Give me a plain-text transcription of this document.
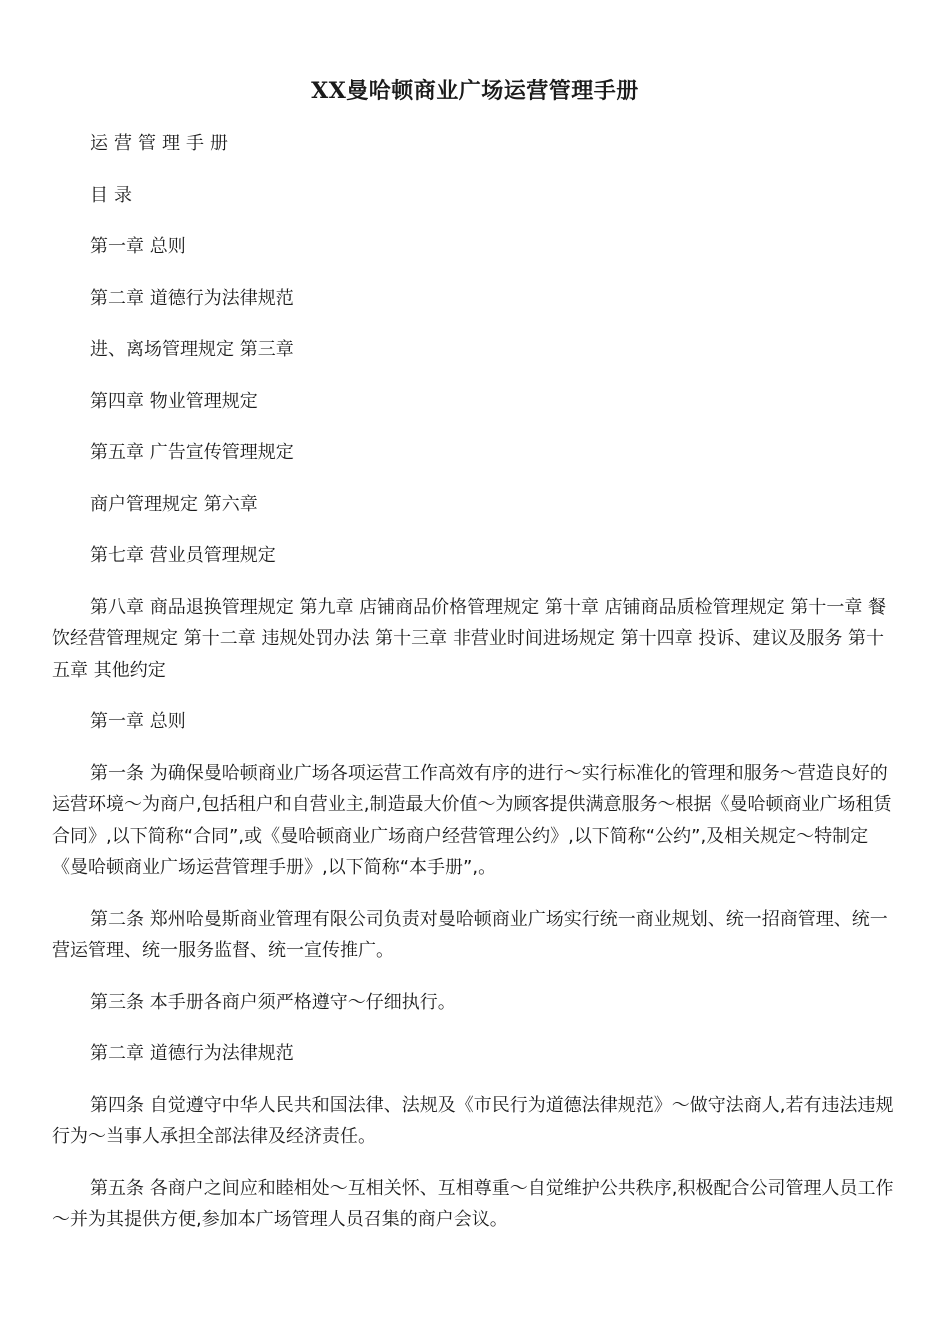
XX曼哈顿商业广场运营管理手册

运营管理手册

目录

第一章 总则

第二章 道德行为法律规范

进、离场管理规定 第三章

第四章 物业管理规定

第五章 广告宣传管理规定

商户管理规定 第六章

第七章 营业员管理规定

第八章 商品退换管理规定 第九章 店铺商品价格管理规定 第十章 店铺商品质检管理规定 第十一章 餐饮经营管理规定 第十二章 违规处罚办法 第十三章 非营业时间进场规定 第十四章 投诉、建议及服务 第十五章 其他约定

第一章 总则

第一条 为确保曼哈顿商业广场各项运营工作高效有序的进行～实行标准化的管理和服务～营造良好的运营环境～为商户,包括租户和自营业主,制造最大价值～为顾客提供满意服务～根据《曼哈顿商业广场租赁合同》,以下简称“合同”,或《曼哈顿商业广场商户经营管理公约》,以下简称“公约”,及相关规定～特制定《曼哈顿商业广场运营管理手册》,以下简称“本手册”,。

第二条 郑州哈曼斯商业管理有限公司负责对曼哈顿商业广场实行统一商业规划、统一招商管理、统一营运管理、统一服务监督、统一宣传推广。

第三条 本手册各商户须严格遵守～仔细执行。

第二章 道德行为法律规范

第四条 自觉遵守中华人民共和国法律、法规及《市民行为道德法律规范》～做守法商人,若有违法违规行为～当事人承担全部法律及经济责任。

第五条 各商户之间应和睦相处～互相关怀、互相尊重～自觉维护公共秩序,积极配合公司管理人员工作～并为其提供方便,参加本广场管理人员召集的商户会议。
